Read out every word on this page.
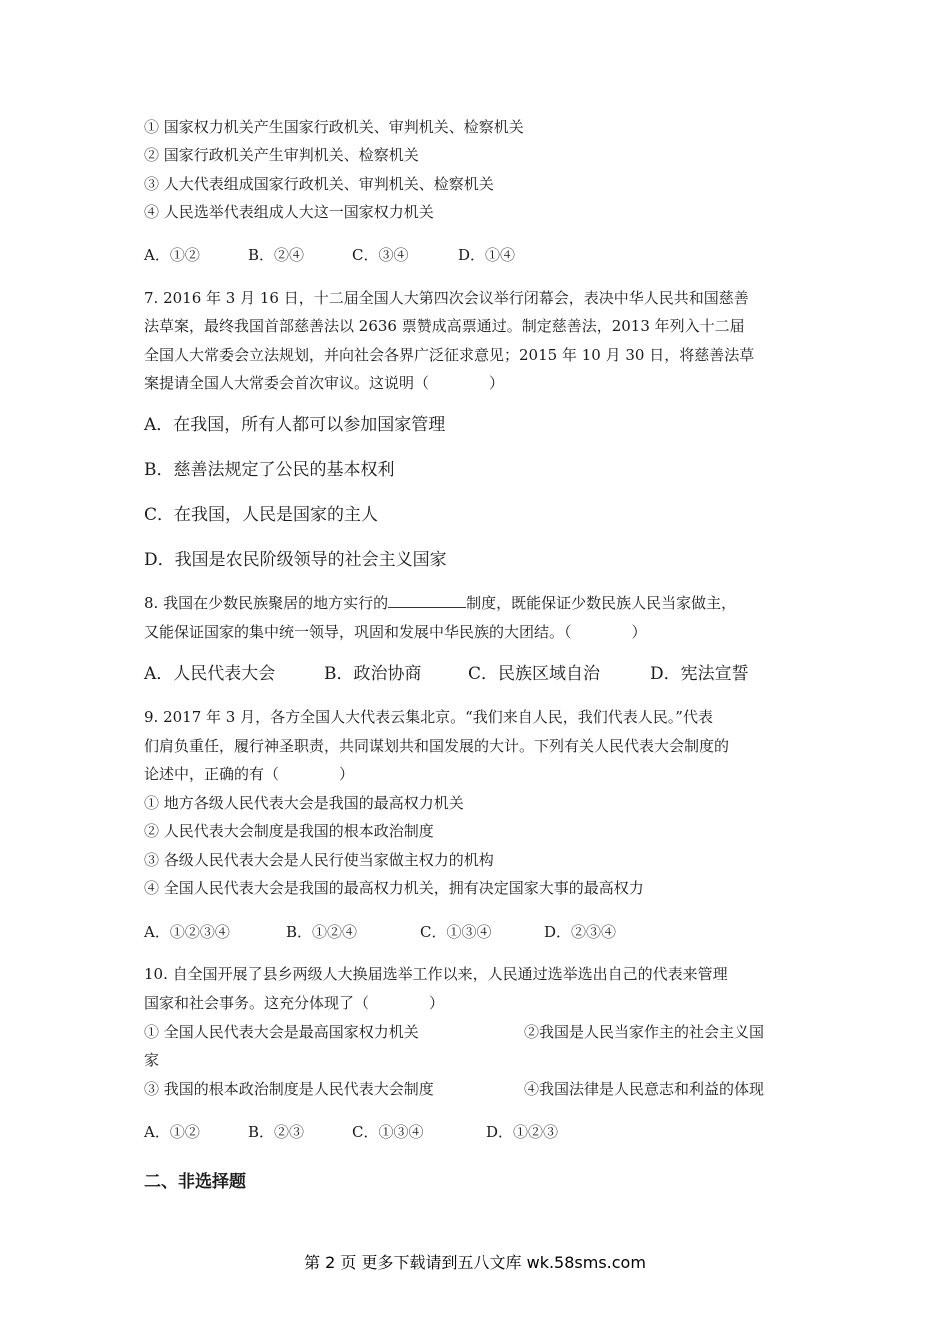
① 国家权力机关产生国家行政机关、审判机关、检察机关
② 国家行政机关产生审判机关、检察机关
③ 人大代表组成国家行政机关、审判机关、检察机关
④ 人民选举代表组成人大这一国家权力机关
A．①②	B．②④	C．③④	D．①④
7. 2016 年 3 月 16 日，十二届全国人大第四次会议举行闭幕会，表决中华人民共和国慈善
法草案，最终我国首部慈善法以 2636 票赞成高票通过。制定慈善法，2013 年列入十二届
全国人大常委会立法规划，并向社会各界广泛征求意见；2015 年 10 月 30 日，将慈善法草
案提请全国人大常委会首次审议。这说明（　　　　）
A．在我国，所有人都可以参加国家管理
B．慈善法规定了公民的基本权利
C．在我国，人民是国家的主人
D．我国是农民阶级领导的社会主义国家
8. 我国在少数民族聚居的地方实行的	制度，既能保证少数民族人民当家做主，
又能保证国家的集中统一领导，巩固和发展中华民族的大团结。（　　　　）
A．人民代表大会	B．政治协商	C．民族区域自治	D．宪法宣誓
9. 2017 年 3 月，各方全国人大代表云集北京。“我们来自人民，我们代表人民。”代表
们肩负重任，履行神圣职责，共同谋划共和国发展的大计。下列有关人民代表大会制度的
论述中，正确的有（　　　　）
① 地方各级人民代表大会是我国的最高权力机关
② 人民代表大会制度是我国的根本政治制度
③ 各级人民代表大会是人民行使当家做主权力的机构
④ 全国人民代表大会是我国的最高权力机关，拥有决定国家大事的最高权力
A．①②③④	B．①②④	C．①③④	D．②③④
10. 自全国开展了县乡两级人大换届选举工作以来，人民通过选举选出自己的代表来管理
国家和社会事务。这充分体现了（　　　　）
① 全国人民代表大会是最高国家权力机关	②我国是人民当家作主的社会主义国
家
③ 我国的根本政治制度是人民代表大会制度	④我国法律是人民意志和利益的体现
A．①②	B．②③	C．①③④	D．①②③
二、非选择题
第 2 页 更多下载请到五八文库 wk.58sms.com
